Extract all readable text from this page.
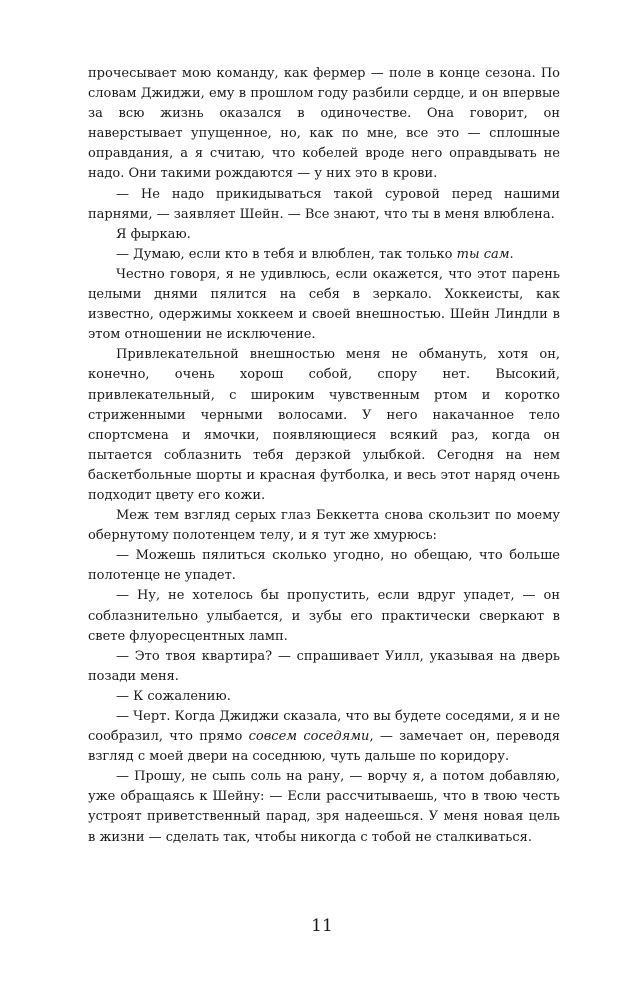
прочесывает мою команду, как фермер — поле в конце сезона. По словам Джиджи, ему в прошлом году разбили сердце, и он впервые за всю жизнь оказался в одиночестве. Она говорит, он наверстывает упущенное, но, как по мне, все это — сплошные оправдания, а я считаю, что кобелей вроде него оправдывать не надо. Они такими рождаются — у них это в крови.

— Не надо прикидываться такой суровой перед нашими парнями, — заявляет Шейн. — Все знают, что ты в меня влюблена.

Я фыркаю.

— Думаю, если кто в тебя и влюблен, так только ты сам.

Честно говоря, я не удивлюсь, если окажется, что этот парень целыми днями пялится на себя в зеркало. Хоккеисты, как известно, одержимы хоккеем и своей внешностью. Шейн Линдли в этом отношении не исключение.

Привлекательной внешностью меня не обмануть, хотя он, конечно, очень хорош собой, спору нет. Высокий, привлекательный, с широким чувственным ртом и коротко стриженными черными волосами. У него накачанное тело спортсмена и ямочки, появляющиеся всякий раз, когда он пытается соблазнить тебя дерзкой улыбкой. Сегодня на нем баскетбольные шорты и красная футболка, и весь этот наряд очень подходит цвету его кожи.

Меж тем взгляд серых глаз Беккетта снова скользит по моему обернутому полотенцем телу, и я тут же хмурюсь:

— Можешь пялиться сколько угодно, но обещаю, что больше полотенце не упадет.

— Ну, не хотелось бы пропустить, если вдруг упадет, — он соблазнительно улыбается, и зубы его практически сверкают в свете флуоресцентных ламп.

— Это твоя квартира? — спрашивает Уилл, указывая на дверь позади меня.

— К сожалению.

— Черт. Когда Джиджи сказала, что вы будете соседями, я и не сообразил, что прямо совсем соседями, — замечает он, переводя взгляд с моей двери на соседнюю, чуть дальше по коридору.

— Прошу, не сыпь соль на рану, — ворчу я, а потом добавляю, уже обращаясь к Шейну: — Если рассчитываешь, что в твою честь устроят приветственный парад, зря надеешься. У меня новая цель в жизни — сделать так, чтобы никогда с тобой не сталкиваться.

11
